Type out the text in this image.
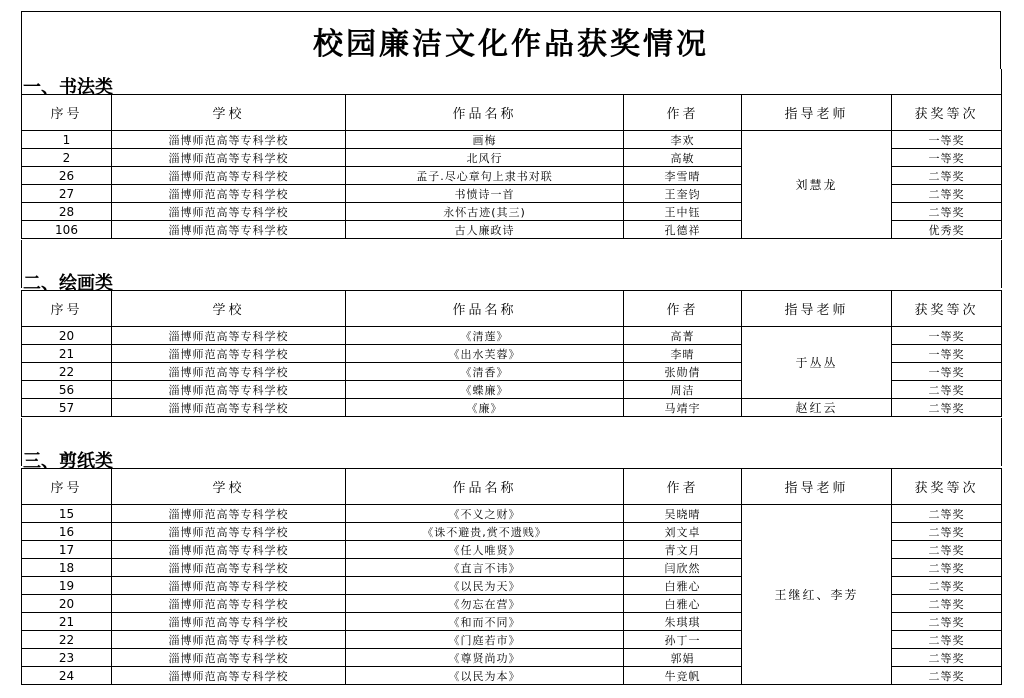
校园廉洁文化作品获奖情况
一、书法类
二、绘画类
三、剪纸类
序号	学校	作品名称	作者	指导老师	获奖等次
1	淄博师范高等专科学校	画梅	李欢	刘慧龙	一等奖
2	淄博师范高等专科学校	北风行	高敏		一等奖
26	淄博师范高等专科学校	孟子.尽心章句上隶书对联	李雪晴		二等奖
27	淄博师范高等专科学校	书愤诗一首	王奎钧		二等奖
28	淄博师范高等专科学校	永怀古迹(其三)	王中钰		二等奖
106	淄博师范高等专科学校	古人廉政诗	孔德祥		优秀奖
序号	学校	作品名称	作者	指导老师	获奖等次
20	淄博师范高等专科学校	《清莲》	高菁	于丛丛	一等奖
21	淄博师范高等专科学校	《出水芙蓉》	李晴		一等奖
22	淄博师范高等专科学校	《清香》	张勋倩		一等奖
56	淄博师范高等专科学校	《蝶廉》	周洁		二等奖
57	淄博师范高等专科学校	《廉》	马靖宇	赵红云	二等奖
序号	学校	作品名称	作者	指导老师	获奖等次
15	淄博师范高等专科学校	《不义之财》	吴晓晴	王继红、李芳	二等奖
16	淄博师范高等专科学校	《诛不避贵,赏不遗贱》	刘文卓		二等奖
17	淄博师范高等专科学校	《任人唯贤》	青文月		二等奖
18	淄博师范高等专科学校	《直言不讳》	闫欣然		二等奖
19	淄博师范高等专科学校	《以民为天》	白雅心		二等奖
20	淄博师范高等专科学校	《勿忘在营》	白雅心		二等奖
21	淄博师范高等专科学校	《和而不同》	朱琪琪		二等奖
22	淄博师范高等专科学校	《门庭若市》	孙丁一		二等奖
23	淄博师范高等专科学校	《尊贤尚功》	郭娟		二等奖
24	淄博师范高等专科学校	《以民为本》	牛竞帆		二等奖
